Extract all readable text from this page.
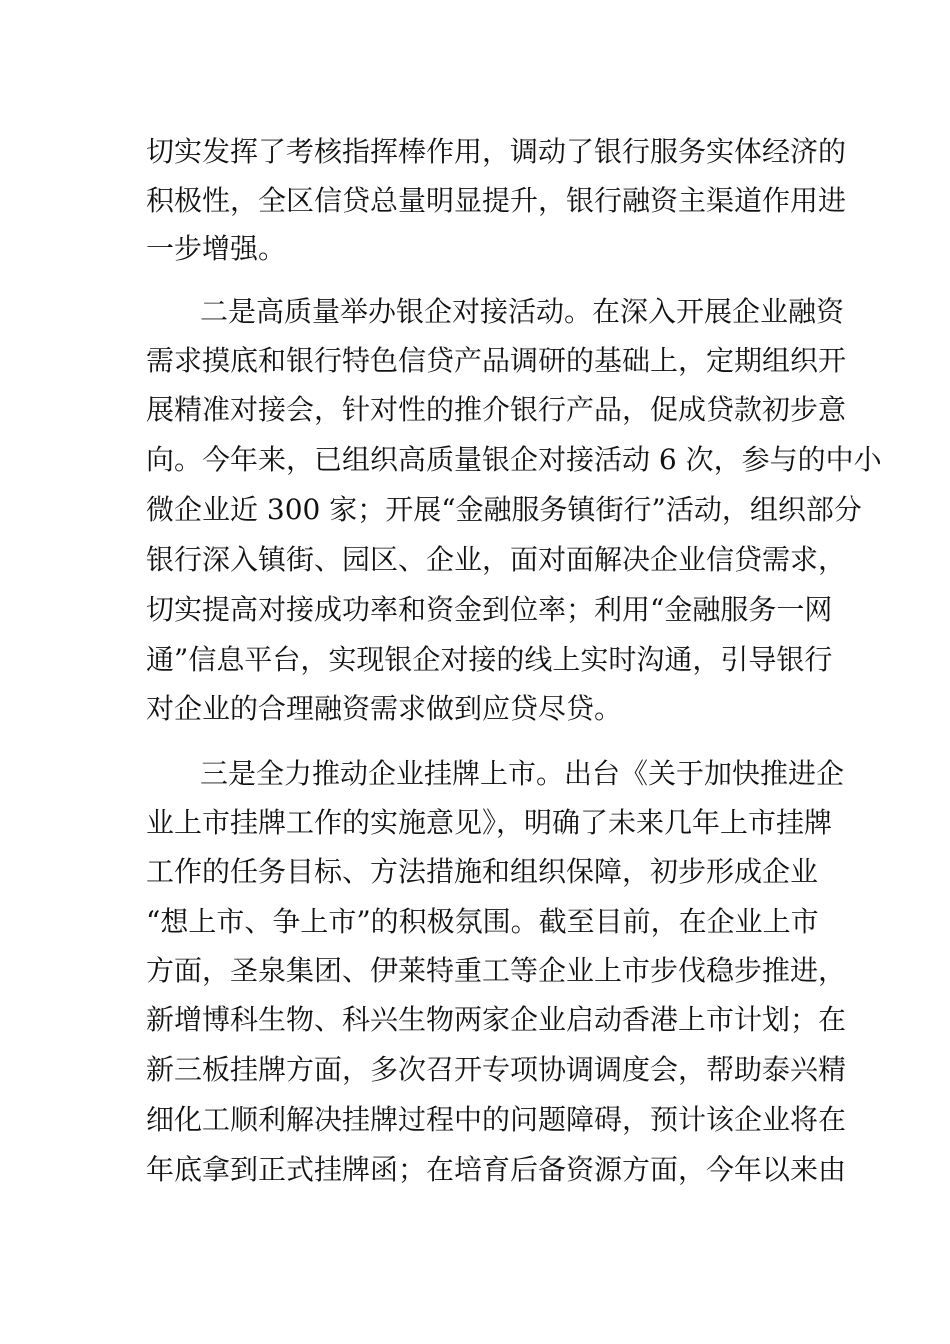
切实发挥了考核指挥棒作用，调动了银行服务实体经济的
积极性，全区信贷总量明显提升，银行融资主渠道作用进
一步增强。
二是高质量举办银企对接活动。在深入开展企业融资
需求摸底和银行特色信贷产品调研的基础上，定期组织开
展精准对接会，针对性的推介银行产品，促成贷款初步意
向。今年来，已组织高质量银企对接活动 6 次，参与的中小
微企业近 300 家；开展“金融服务镇街行”活动，组织部分
银行深入镇街、园区、企业，面对面解决企业信贷需求，
切实提高对接成功率和资金到位率；利用“金融服务一网
通”信息平台，实现银企对接的线上实时沟通，引导银行
对企业的合理融资需求做到应贷尽贷。
三是全力推动企业挂牌上市。出台《关于加快推进企
业上市挂牌工作的实施意见》，明确了未来几年上市挂牌
工作的任务目标、方法措施和组织保障，初步形成企业
“想上市、争上市”的积极氛围。截至目前，在企业上市
方面，圣泉集团、伊莱特重工等企业上市步伐稳步推进，
新增博科生物、科兴生物两家企业启动香港上市计划；在
新三板挂牌方面，多次召开专项协调调度会，帮助泰兴精
细化工顺利解决挂牌过程中的问题障碍，预计该企业将在
年底拿到正式挂牌函；在培育后备资源方面，今年以来由
